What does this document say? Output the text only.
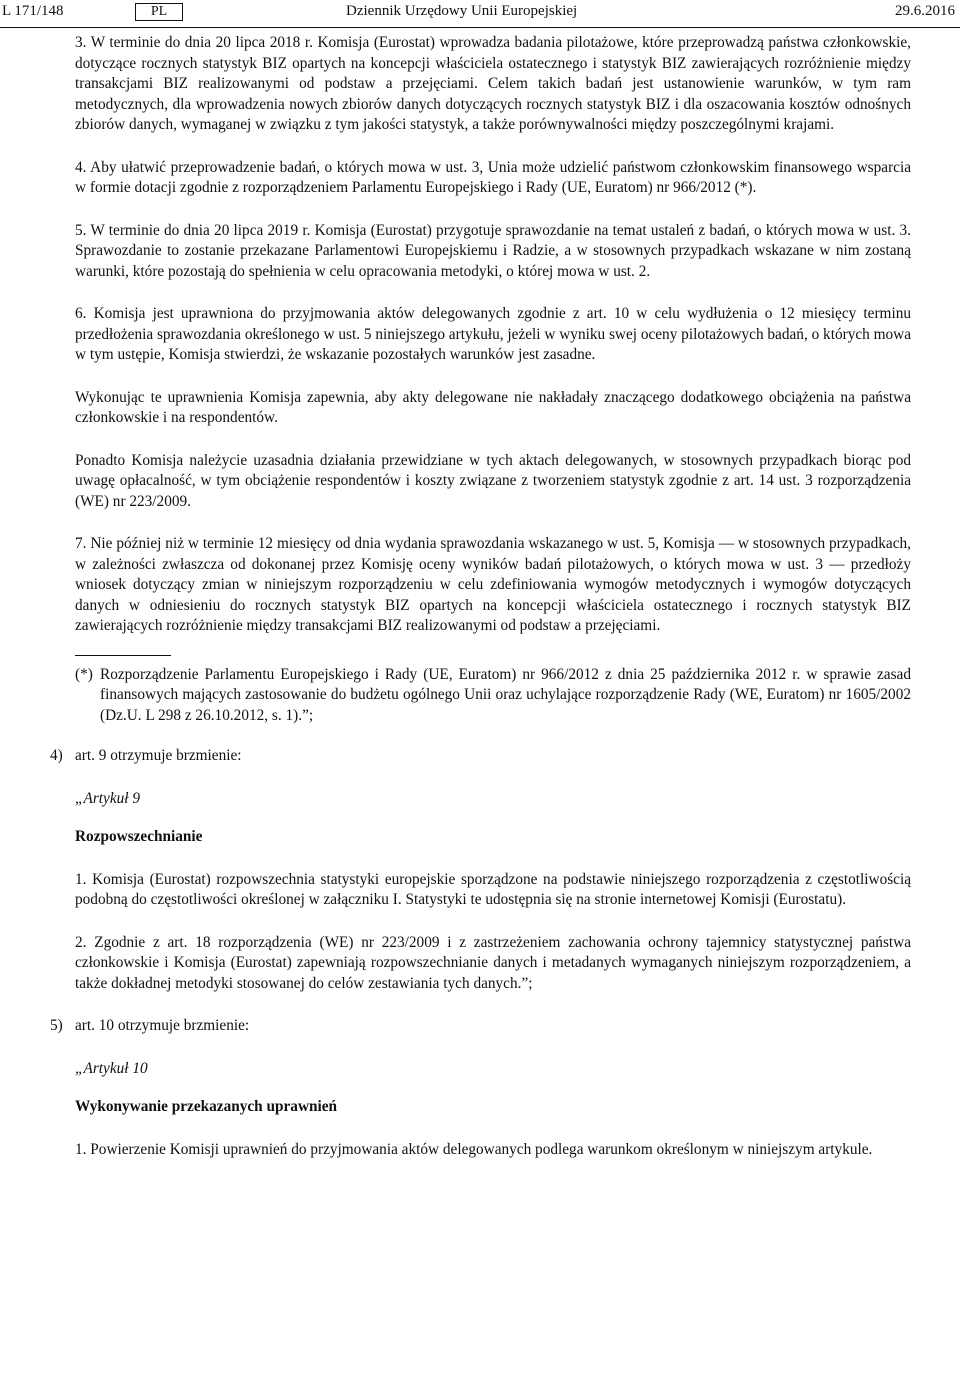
L 171/148	PL	Dziennik Urzędowy Unii Europejskiej	29.6.2016

3. W terminie do dnia 20 lipca 2018 r. Komisja (Eurostat) wprowadza badania pilotażowe, które przeprowadzą państwa członkowskie, dotyczące rocznych statystyk BIZ opartych na koncepcji właściciela ostatecznego i statystyk BIZ zawierających rozróżnienie między transakcjami BIZ realizowanymi od podstaw a przejęciami. Celem takich badań jest ustanowienie warunków, w tym ram metodycznych, dla wprowadzenia nowych zbiorów danych dotyczących rocznych statystyk BIZ i dla oszacowania kosztów odnośnych zbiorów danych, wymaganej w związku z tym jakości statystyk, a także porównywalności między poszczególnymi krajami.

4. Aby ułatwić przeprowadzenie badań, o których mowa w ust. 3, Unia może udzielić państwom członkowskim finansowego wsparcia w formie dotacji zgodnie z rozporządzeniem Parlamentu Europejskiego i Rady (UE, Euratom) nr 966/2012 (*).

5. W terminie do dnia 20 lipca 2019 r. Komisja (Eurostat) przygotuje sprawozdanie na temat ustaleń z badań, o których mowa w ust. 3. Sprawozdanie to zostanie przekazane Parlamentowi Europejskiemu i Radzie, a w stosownych przypadkach wskazane w nim zostaną warunki, które pozostają do spełnienia w celu opracowania metodyki, o której mowa w ust. 2.

6. Komisja jest uprawniona do przyjmowania aktów delegowanych zgodnie z art. 10 w celu wydłużenia o 12 miesięcy terminu przedłożenia sprawozdania określonego w ust. 5 niniejszego artykułu, jeżeli w wyniku swej oceny pilotażowych badań, o których mowa w tym ustępie, Komisja stwierdzi, że wskazanie pozostałych warunków jest zasadne.

Wykonując te uprawnienia Komisja zapewnia, aby akty delegowane nie nakładały znaczącego dodatkowego obciążenia na państwa członkowskie i na respondentów.

Ponadto Komisja należycie uzasadnia działania przewidziane w tych aktach delegowanych, w stosownych przypadkach biorąc pod uwagę opłacalność, w tym obciążenie respondentów i koszty związane z tworzeniem statystyk zgodnie z art. 14 ust. 3 rozporządzenia (WE) nr 223/2009.

7. Nie później niż w terminie 12 miesięcy od dnia wydania sprawozdania wskazanego w ust. 5, Komisja — w stosownych przypadkach, w zależności zwłaszcza od dokonanej przez Komisję oceny wyników badań pilotażowych, o których mowa w ust. 3 — przedłoży wniosek dotyczący zmian w niniejszym rozporządzeniu w celu zdefiniowania wymogów metodycznych i wymogów dotyczących danych w odniesieniu do rocznych statystyk BIZ opartych na koncepcji właściciela ostatecznego i rocznych statystyk BIZ zawierających rozróżnienie między transakcjami BIZ realizowanymi od podstaw a przejęciami.

(*) Rozporządzenie Parlamentu Europejskiego i Rady (UE, Euratom) nr 966/2012 z dnia 25 października 2012 r. w sprawie zasad finansowych mających zastosowanie do budżetu ogólnego Unii oraz uchylające rozporządzenie Rady (WE, Euratom) nr 1605/2002 (Dz.U. L 298 z 26.10.2012, s. 1).”;

4) art. 9 otrzymuje brzmienie:

„Artykuł 9

Rozpowszechnianie

1. Komisja (Eurostat) rozpowszechnia statystyki europejskie sporządzone na podstawie niniejszego rozporządzenia z częstotliwością podobną do częstotliwości określonej w załączniku I. Statystyki te udostępnia się na stronie internetowej Komisji (Eurostatu).

2. Zgodnie z art. 18 rozporządzenia (WE) nr 223/2009 i z zastrzeżeniem zachowania ochrony tajemnicy statystycznej państwa członkowskie i Komisja (Eurostat) zapewniają rozpowszechnianie danych i metadanych wymaganych niniejszym rozporządzeniem, a także dokładnej metodyki stosowanej do celów zestawiania tych danych.”;

5) art. 10 otrzymuje brzmienie:

„Artykuł 10

Wykonywanie przekazanych uprawnień

1. Powierzenie Komisji uprawnień do przyjmowania aktów delegowanych podlega warunkom określonym w niniejszym artykule.
